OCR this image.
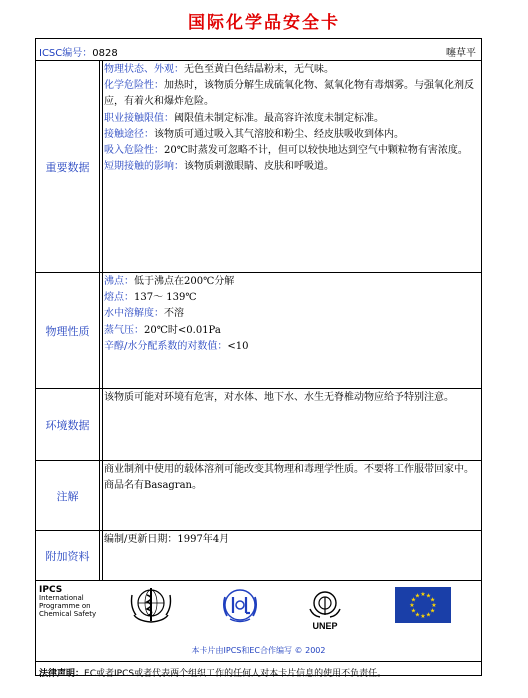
国际化学品安全卡
ICSC编号：0828	噻草平
重要数据

物理状态、外观：无色至黄白色结晶粉末，无气味。

化学危险性：加热时，该物质分解生成硫氧化物、氮氧化物有毒烟雾。与强氧化剂反应，有着火和爆炸危险。

职业接触限值：阈限值未制定标准。最高容许浓度未制定标准。

接触途径：该物质可通过吸入其气溶胶和粉尘、经皮肤吸收到体内。

吸入危险性：20℃时蒸发可忽略不计，但可以较快地达到空气中颗粒物有害浓度。

短期接触的影响：该物质刺激眼睛、皮肤和呼吸道。

物理性质

沸点：低于沸点在200℃分解

熔点：137～ 139℃

水中溶解度：不溶

蒸气压：20℃时<0.01Pa

辛醇/水分配系数的对数值：<10

环境数据
该物质可能对环境有危害，对水体、地下水、水生无脊椎动物应给予特别注意。
注解
商业制剂中使用的载体溶剂可能改变其物理和毒理学性质。不要将工作服带回家中。商品名有Basagran。
附加资料
编制/更新日期：1997年4月
IPCS
International
Programme on
Chemical Safety
UNEP
★ ★
★
★
★
★
★
★
★
★
★
★
本卡片由IPCS和EC合作编写 © 2002
法律声明：EC或者IPCS或者代表两个组织工作的任何人对本卡片信息的使用不负责任。
